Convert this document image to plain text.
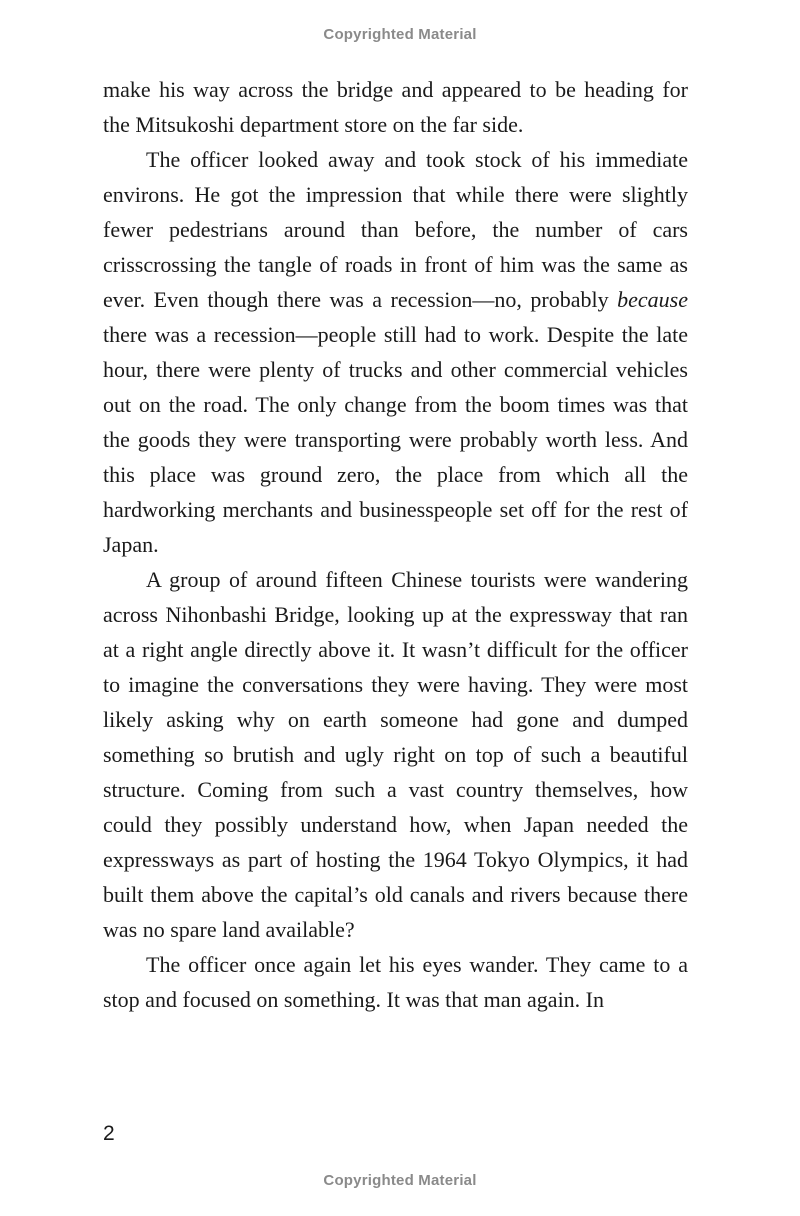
Copyrighted Material

make his way across the bridge and appeared to be heading for the Mitsukoshi department store on the far side.

The officer looked away and took stock of his immediate environs. He got the impression that while there were slightly fewer pedestrians around than before, the number of cars crisscrossing the tangle of roads in front of him was the same as ever. Even though there was a recession—no, probably because there was a recession—people still had to work. Despite the late hour, there were plenty of trucks and other commercial vehicles out on the road. The only change from the boom times was that the goods they were transporting were probably worth less. And this place was ground zero, the place from which all the hardworking merchants and businesspeople set off for the rest of Japan.

A group of around fifteen Chinese tourists were wandering across Nihonbashi Bridge, looking up at the expressway that ran at a right angle directly above it. It wasn’t difficult for the officer to imagine the conversations they were having. They were most likely asking why on earth someone had gone and dumped something so brutish and ugly right on top of such a beautiful structure. Coming from such a vast country themselves, how could they possibly understand how, when Japan needed the expressways as part of hosting the 1964 Tokyo Olympics, it had built them above the capital’s old canals and rivers because there was no spare land available?

The officer once again let his eyes wander. They came to a stop and focused on something. It was that man again. In

2
Copyrighted Material
